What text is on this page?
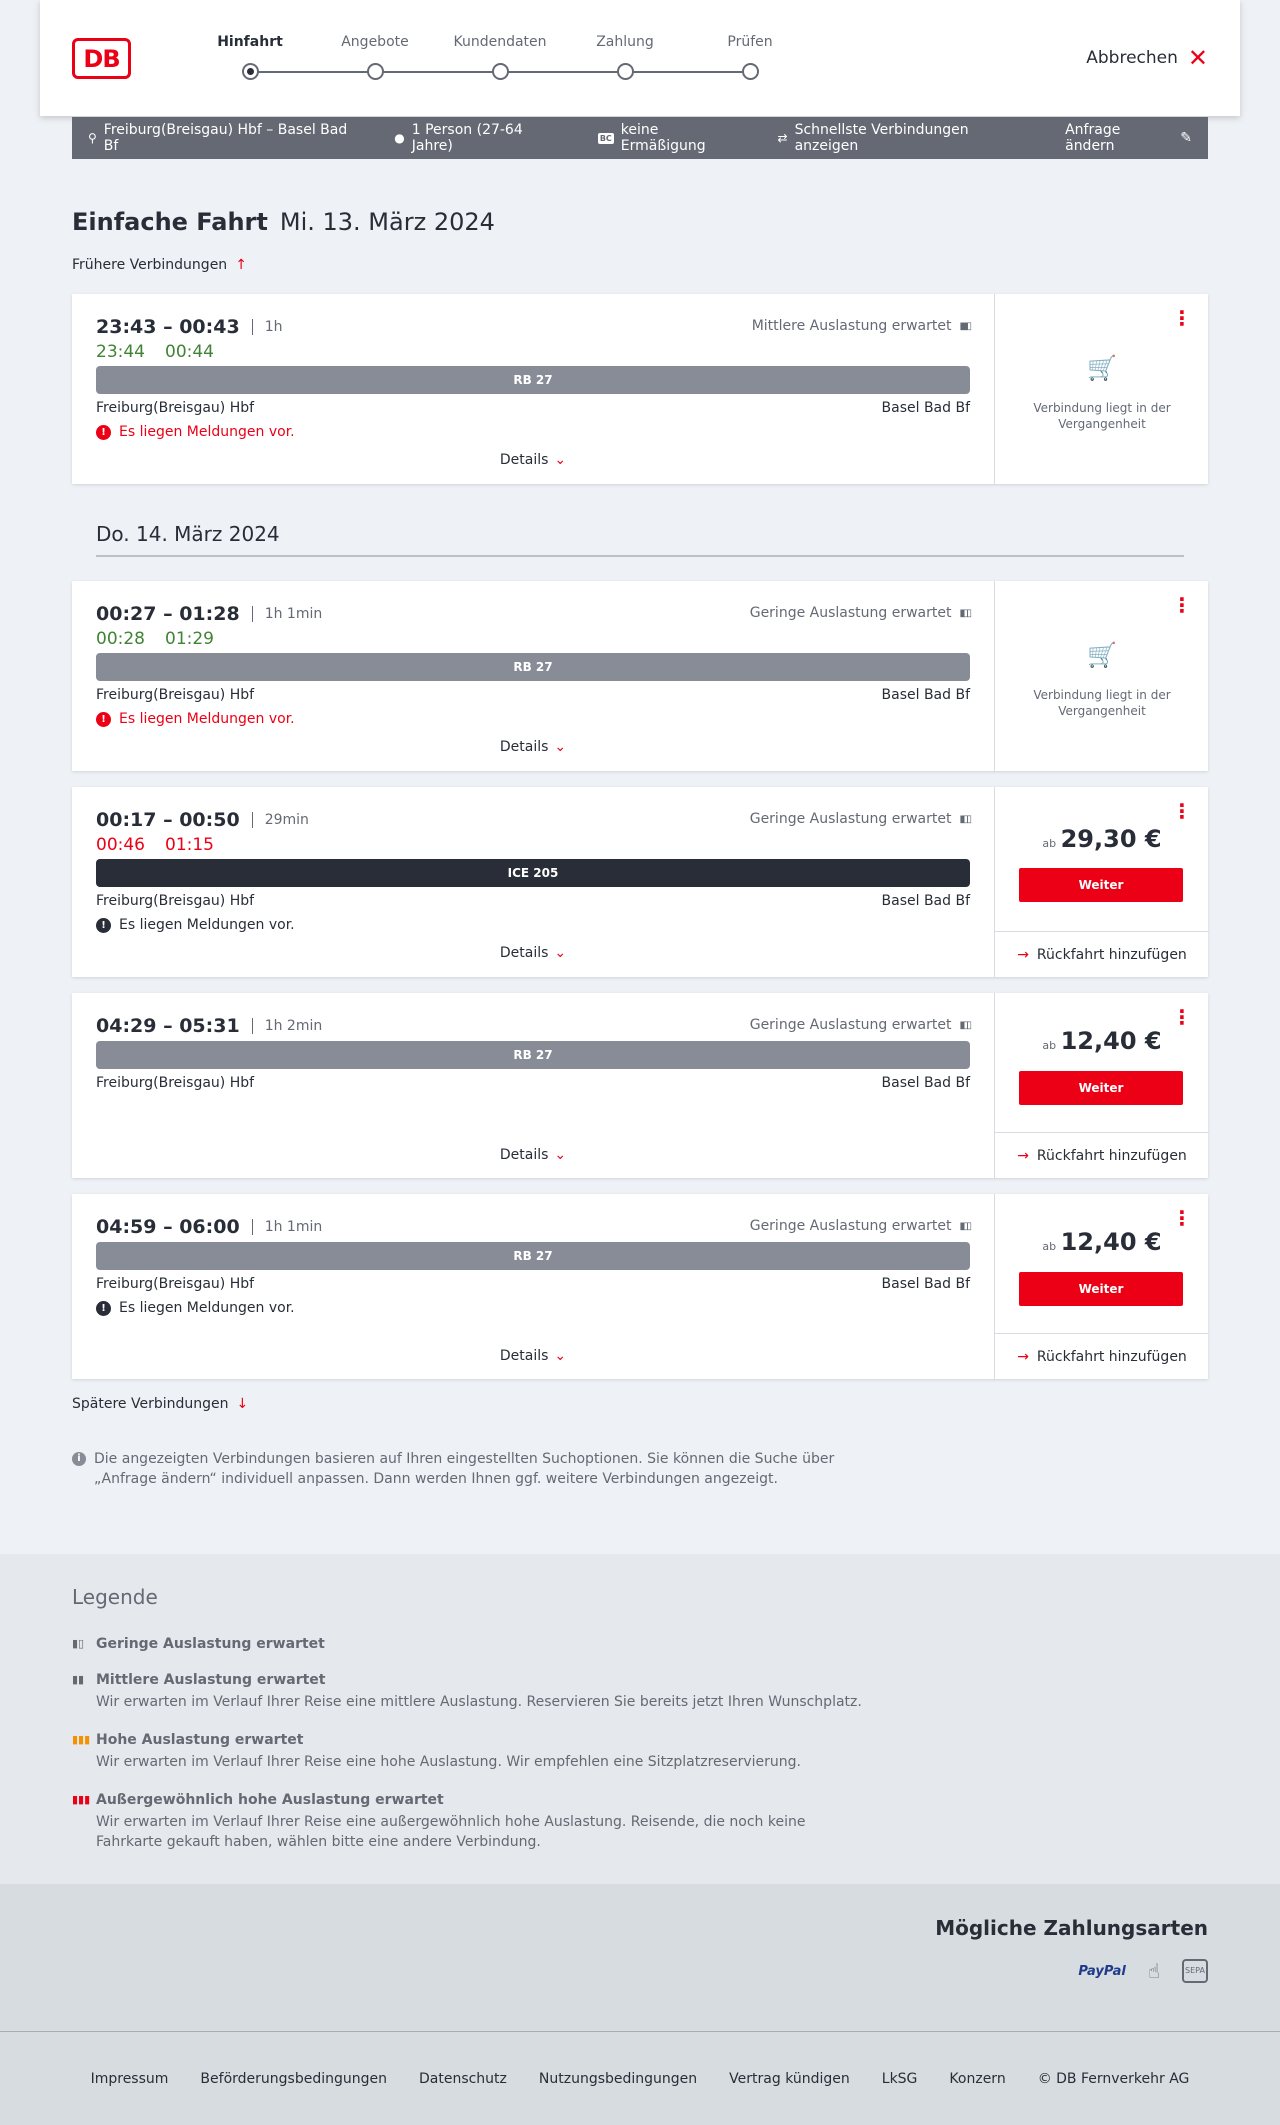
DB
Hinfahrt	Angebote	Kundendaten	Zahlung	Prüfen
Abbrechen ✕
⚲ Freiburg(Breisgau) Hbf – Basel Bad Bf	● 1 Person (27-64 Jahre)	BC keine Ermäßigung	⇄ Schnellste Verbindungen anzeigen
Anfrage ändern	✎
Einfache Fahrt Mi. 13. März 2024
Frühere Verbindungen ↑
23:43 – 00:43 1h	Mittlere Auslastung erwartet ▮▮▯
23:44 00:44
RB 27
Freiburg(Breisgau) Hbf	Basel Bad Bf
! Es liegen Meldungen vor.
Details ⌄
⋮
🛒
Verbindung liegt in der Vergangenheit
Do. 14. März 2024
00:27 – 01:28 1h 1min	Geringe Auslastung erwartet ▮▯▯
00:28 01:29
RB 27
Freiburg(Breisgau) Hbf	Basel Bad Bf
! Es liegen Meldungen vor.
Details ⌄
⋮
🛒
Verbindung liegt in der Vergangenheit
00:17 – 00:50 29min	Geringe Auslastung erwartet ▮▯▯
00:46 01:15
ICE 205
Freiburg(Breisgau) Hbf	Basel Bad Bf
! Es liegen Meldungen vor.
Details ⌄
⋮
ab 29,30 €
Weiter
→ Rückfahrt hinzufügen
04:29 – 05:31 1h 2min	Geringe Auslastung erwartet ▮▯▯
RB 27
Freiburg(Breisgau) Hbf	Basel Bad Bf
Details ⌄
⋮
ab 12,40 €
Weiter
→ Rückfahrt hinzufügen
04:59 – 06:00 1h 1min	Geringe Auslastung erwartet ▮▯▯
RB 27
Freiburg(Breisgau) Hbf	Basel Bad Bf
! Es liegen Meldungen vor.
Details ⌄
⋮
ab 12,40 €
Weiter
→ Rückfahrt hinzufügen
Spätere Verbindungen ↓
i Die angezeigten Verbindungen basieren auf Ihren eingestellten Suchoptionen. Sie können die Suche über „Anfrage ändern“ individuell anpassen. Dann werden Ihnen ggf. weitere Verbindungen angezeigt.
Legende
▮▯ Geringe Auslastung erwartet
▮▮ Mittlere Auslastung erwartet
Wir erwarten im Verlauf Ihrer Reise eine mittlere Auslastung. Reservieren Sie bereits jetzt Ihren Wunschplatz.
▮▮▮ Hohe Auslastung erwartet
Wir erwarten im Verlauf Ihrer Reise eine hohe Auslastung. Wir empfehlen eine Sitzplatzreservierung.
▮▮▮ Außergewöhnlich hohe Auslastung erwartet
Wir erwarten im Verlauf Ihrer Reise eine außergewöhnlich hohe Auslastung. Reisende, die noch keine Fahrkarte gekauft haben, wählen bitte eine andere Verbindung.
Mögliche Zahlungsarten
PayPal ☝	SEPA
Impressum Beförderungsbedingungen Datenschutz Nutzungsbedingungen Vertrag kündigen LkSG Konzern © DB Fernverkehr AG
